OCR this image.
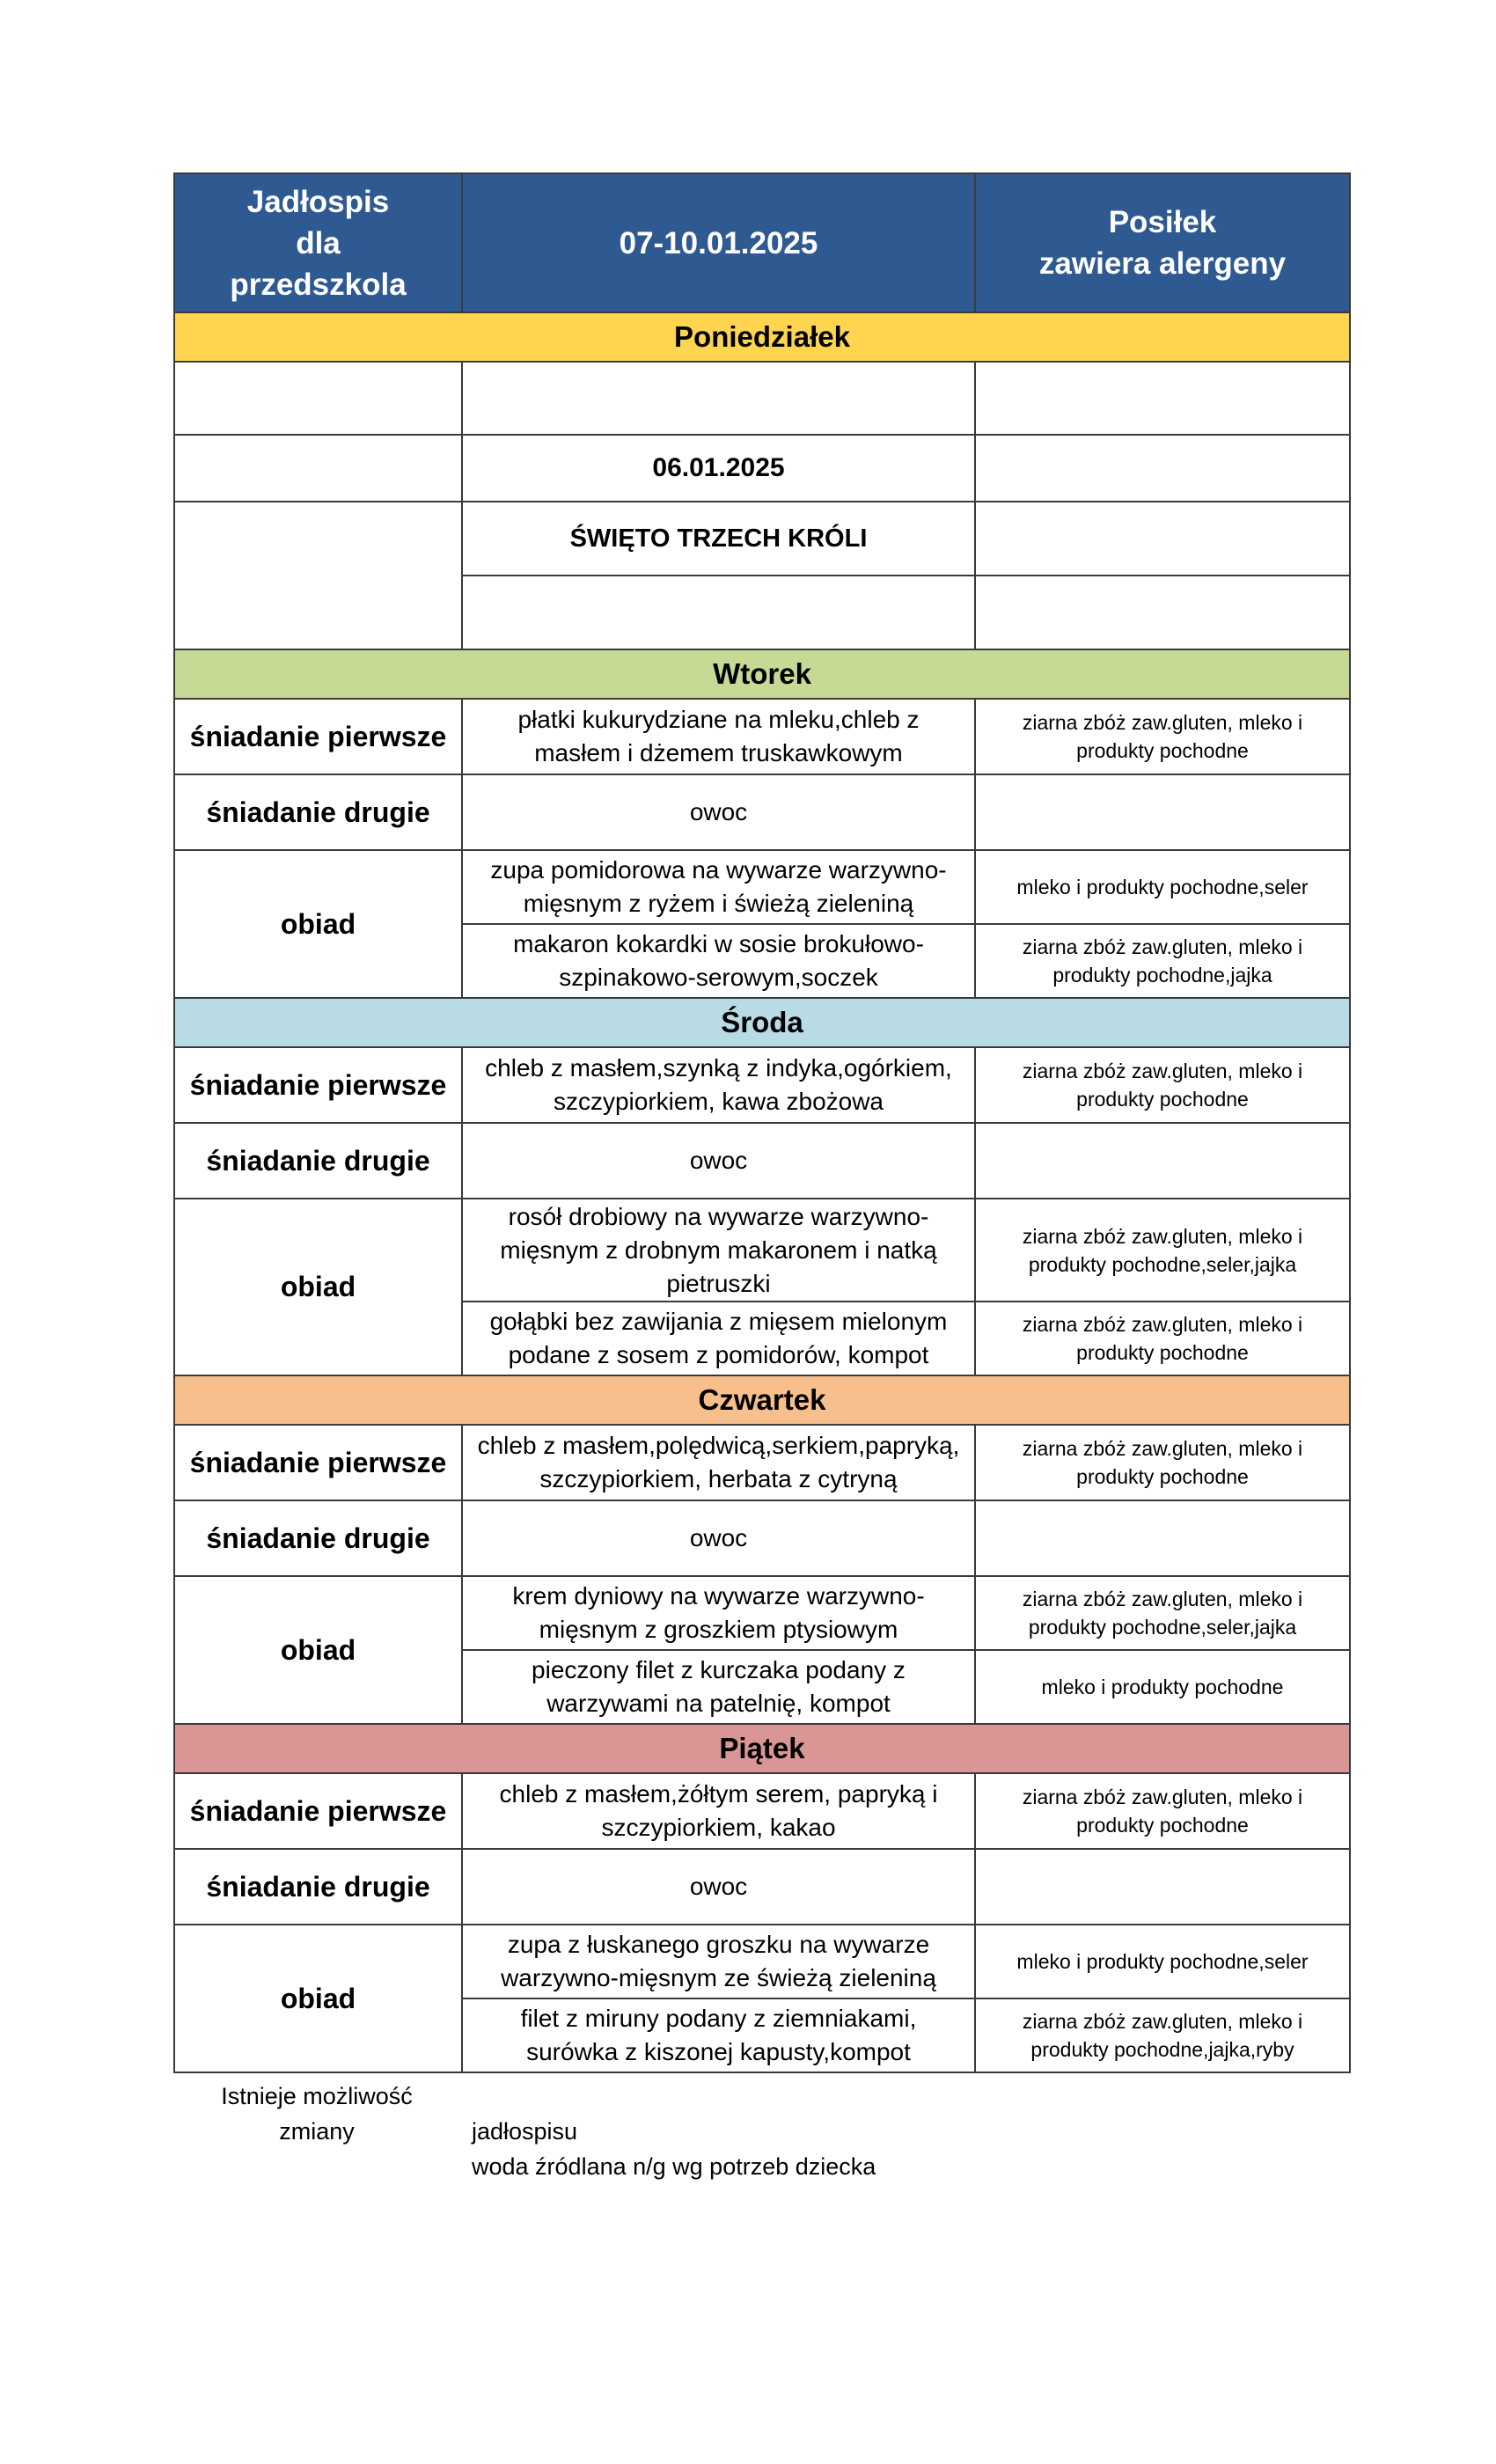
Jadłospis
dla
przedszkola	07-10.01.2025	Posiłek
zawiera alergeny
Poniedziałek		

	06.01.2025	
	ŚWIĘTO TRZECH KRÓLI	

Wtorek		
śniadanie pierwsze	płatki kukurydziane na mleku,chleb z masłem i dżemem truskawkowym	ziarna zbóż zaw.gluten, mleko i produkty pochodne
śniadanie drugie	owoc	
obiad	zupa pomidorowa na wywarze warzywno-mięsnym z ryżem i świeżą zieleniną	mleko i produkty pochodne,seler
	makaron kokardki w sosie brokułowo-szpinakowo-serowym,soczek	ziarna zbóż zaw.gluten, mleko i produkty pochodne,jajka
Środa		
śniadanie pierwsze	chleb z masłem,szynką z indyka,ogórkiem, szczypiorkiem, kawa zbożowa	ziarna zbóż zaw.gluten, mleko i produkty pochodne
śniadanie drugie	owoc	
obiad	rosół drobiowy na wywarze warzywno-mięsnym z drobnym makaronem i natką pietruszki	ziarna zbóż zaw.gluten, mleko i produkty pochodne,seler,jajka
	gołąbki bez zawijania z mięsem mielonym podane z sosem z pomidorów, kompot	ziarna zbóż zaw.gluten, mleko i produkty pochodne
Czwartek		
śniadanie pierwsze	chleb z masłem,polędwicą,serkiem,papryką, szczypiorkiem, herbata z cytryną	ziarna zbóż zaw.gluten, mleko i produkty pochodne
śniadanie drugie	owoc	
obiad	krem dyniowy na wywarze warzywno-mięsnym z groszkiem ptysiowym	ziarna zbóż zaw.gluten, mleko i produkty pochodne,seler,jajka
	pieczony filet z kurczaka podany z warzywami na patelnię, kompot	mleko i produkty pochodne
Piątek		
śniadanie pierwsze	chleb z masłem,żółtym serem, papryką i szczypiorkiem, kakao	ziarna zbóż zaw.gluten, mleko i produkty pochodne
śniadanie drugie	owoc	
obiad	zupa z łuskanego groszku na wywarze warzywno-mięsnym ze świeżą zieleniną	mleko i produkty pochodne,seler
	filet z miruny podany z ziemniakami, surówka z kiszonej kapusty,kompot	ziarna zbóż zaw.gluten, mleko i produkty pochodne,jajka,ryby
Istnieje możliwość
zmiany	jadłospisu
woda źródlana n/g wg potrzeb dziecka
